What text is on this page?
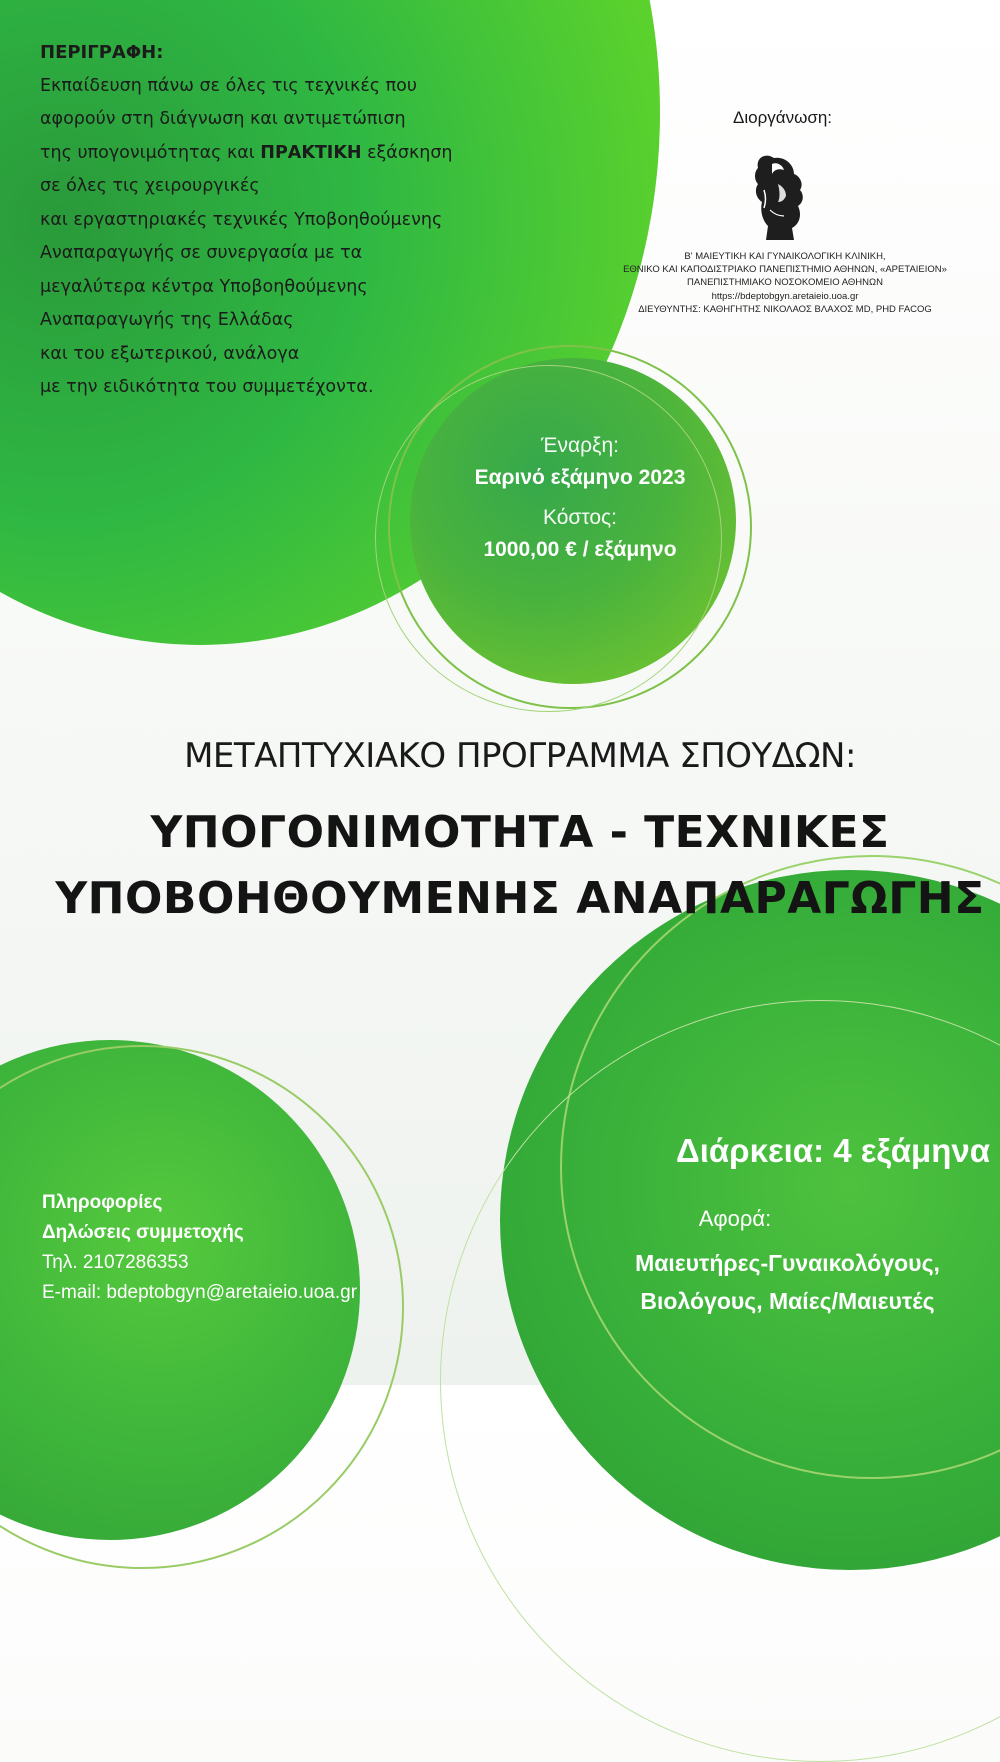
ΠΕΡΙΓΡΑΦΗ:
Εκπαίδευση πάνω σε όλες τις τεχνικές που
αφορούν στη διάγνωση και αντιμετώπιση
της υπογονιμότητας και ΠΡΑΚΤΙΚΗ εξάσκηση
σε όλες τις χειρουργικές
και εργαστηριακές τεχνικές Υποβοηθούμενης
Αναπαραγωγής σε συνεργασία με τα
μεγαλύτερα κέντρα Υποβοηθούμενης
Αναπαραγωγής της Ελλάδας
και του εξωτερικού, ανάλογα
με την ειδικότητα του συμμετέχοντα.
Διοργάνωση:
Β' ΜΑΙΕΥΤΙΚΗ ΚΑΙ ΓΥΝΑΙΚΟΛΟΓΙΚΗ ΚΛΙΝΙΚΗ,
ΕΘΝΙΚΟ ΚΑΙ ΚΑΠΟΔΙΣΤΡΙΑΚΟ ΠΑΝΕΠΙΣΤΗΜΙΟ ΑΘΗΝΩΝ, «ΑΡΕΤΑΙΕΙΟΝ»
ΠΑΝΕΠΙΣΤΗΜΙΑΚΟ ΝΟΣΟΚΟΜΕΙΟ ΑΘΗΝΩΝ
https://bdeptobgyn.aretaieio.uoa.gr
ΔΙΕΥΘΥΝΤΗΣ: ΚΑΘΗΓΗΤΗΣ ΝΙΚΟΛΑΟΣ ΒΛΑΧΟΣ MD, PHD FACOG
Έναρξη:
Εαρινό εξάμηνο 2023
Κόστος:
1000,00 € / εξάμηνο
ΜΕΤΑΠΤΥΧΙΑΚΟ ΠΡΟΓΡΑΜΜΑ ΣΠΟΥΔΩΝ:
ΥΠΟΓΟΝΙΜΟΤΗΤΑ - ΤΕΧΝΙΚΕΣ
ΥΠΟΒΟΗΘΟΥΜΕΝΗΣ ΑΝΑΠΑΡΑΓΩΓΗΣ
Πληροφορίες
Δηλώσεις συμμετοχής
Τηλ. 2107286353
E-mail: bdeptobgyn@aretaieio.uoa.gr
Διάρκεια: 4 εξάμηνα
Αφορά:
Μαιευτήρες-Γυναικολόγους,
Βιολόγους, Μαίες/Μαιευτές
